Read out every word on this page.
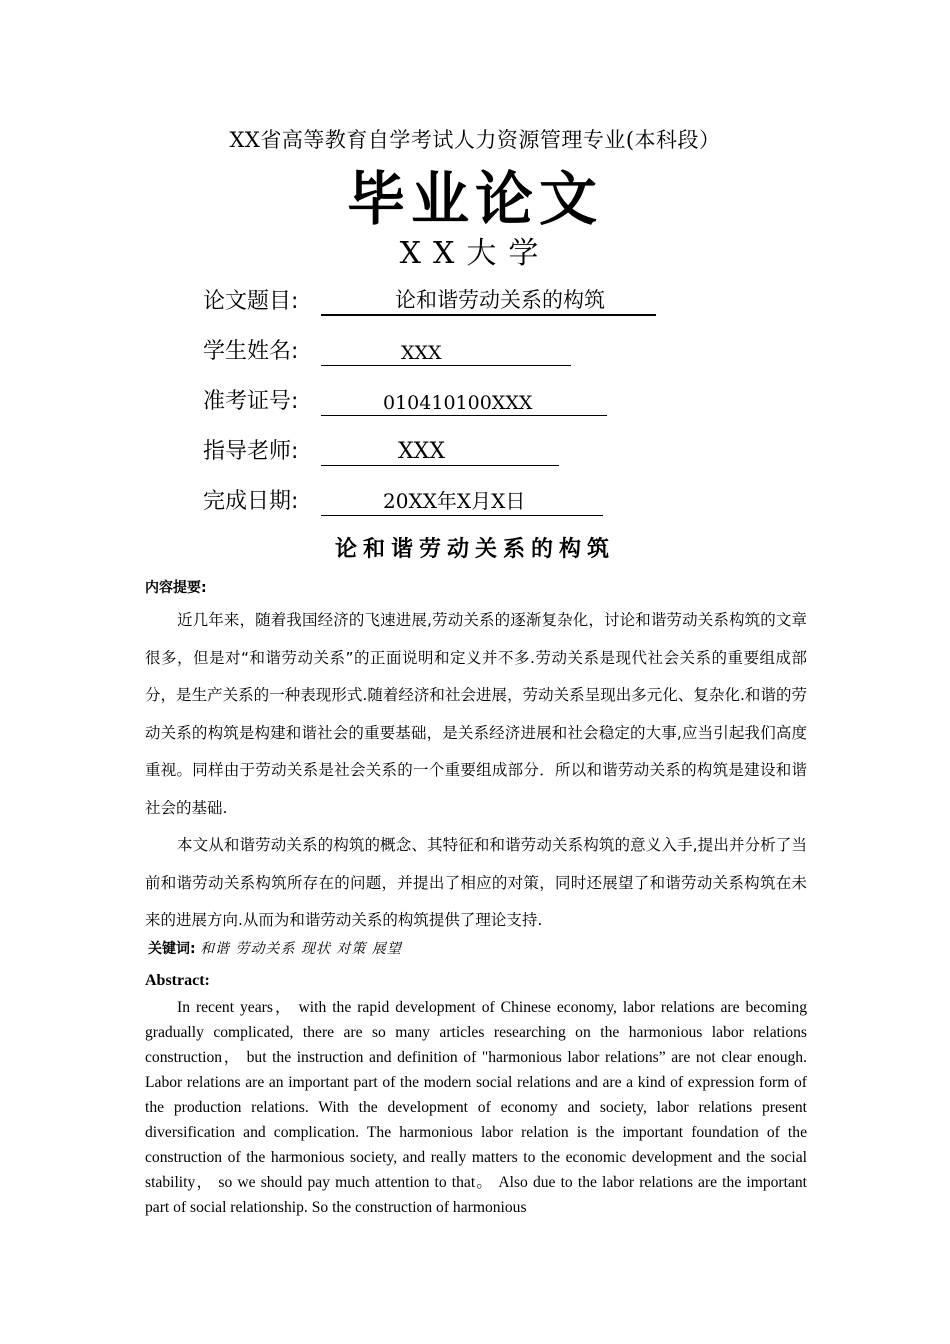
XX省高等教育自学考试人力资源管理专业(本科段）
毕业论文
XX大学
论文题目:	论和谐劳动关系的构筑
学生姓名:	XXX
准考证号:	010410100XXX
指导老师:	XXX
完成日期:	20XX年X月X日
论和谐劳动关系的构筑
内容提要:

近几年来，随着我国经济的飞速进展,劳动关系的逐渐复杂化，讨论和谐劳动关系构筑的文章很多，但是对“和谐劳动关系”的正面说明和定义并不多.劳动关系是现代社会关系的重要组成部分，是生产关系的一种表现形式.随着经济和社会进展，劳动关系呈现出多元化、复杂化.和谐的劳动关系的构筑是构建和谐社会的重要基础，是关系经济进展和社会稳定的大事,应当引起我们高度重视。同样由于劳动关系是社会关系的一个重要组成部分．所以和谐劳动关系的构筑是建设和谐社会的基础.

本文从和谐劳动关系的构筑的概念、其特征和和谐劳动关系构筑的意义入手,提出并分析了当前和谐劳动关系构筑所存在的问题，并提出了相应的对策，同时还展望了和谐劳动关系构筑在未来的进展方向.从而为和谐劳动关系的构筑提供了理论支持.

关键词: 和谐 劳动关系 现状 对策 展望
Abstract:

In recent years， with the rapid development of Chinese economy, labor relations are becoming gradually complicated, there are so many articles researching on the harmonious labor relations construction， but the instruction and definition of "harmonious labor relations” are not clear enough. Labor relations are an important part of the modern social relations and are a kind of expression form of the production relations. With the development of economy and society, labor relations present diversification and complication. The harmonious labor relation is the important foundation of the construction of the harmonious society, and really matters to the economic development and the social stability， so we should pay much attention to that。 Also due to the labor relations are the important part of social relationship. So the construction of harmonious
